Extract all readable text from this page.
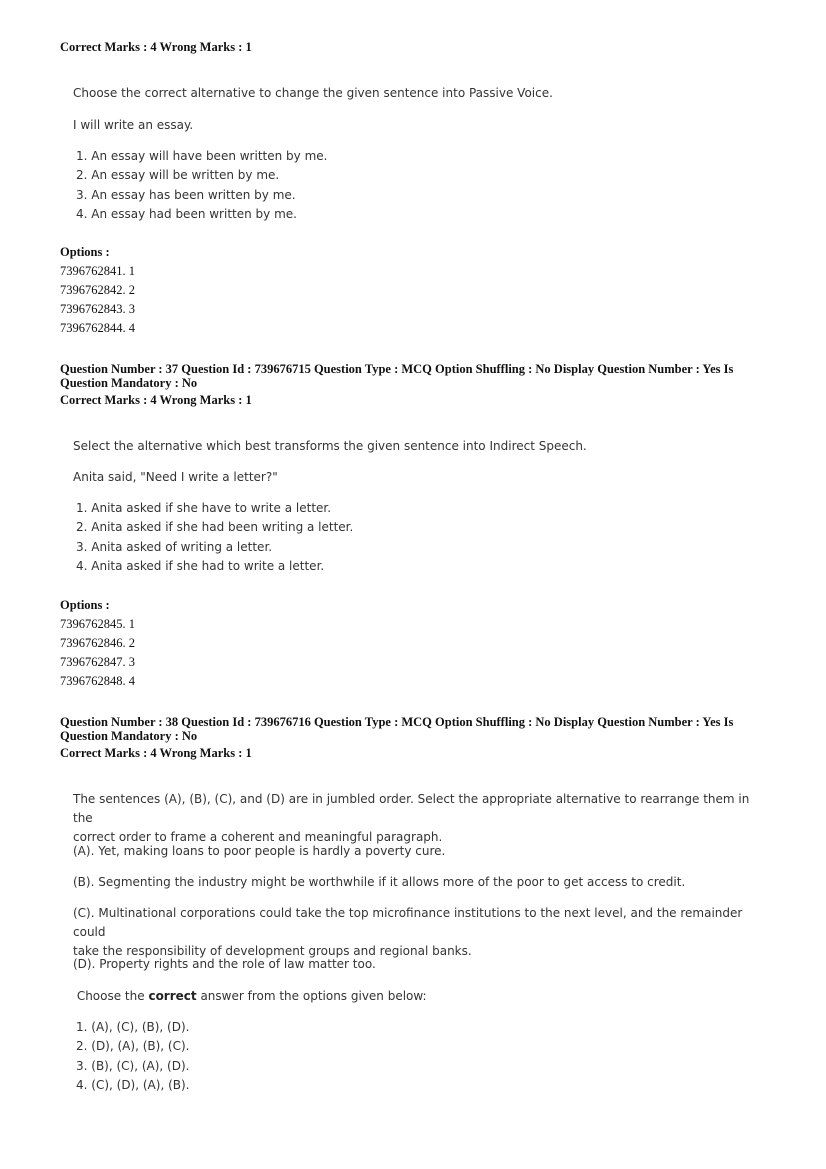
Correct Marks : 4 Wrong Marks : 1
Choose the correct alternative to change the given sentence into Passive Voice.
I will write an essay.
1. An essay will have been written by me.
2. An essay will be written by me.
3. An essay has been written by me.
4. An essay had been written by me.
Options :
7396762841. 1
7396762842. 2
7396762843. 3
7396762844. 4
Question Number : 37 Question Id : 739676715 Question Type : MCQ Option Shuffling : No Display Question Number : Yes Is
Question Mandatory : No
Correct Marks : 4 Wrong Marks : 1
Select the alternative which best transforms the given sentence into Indirect Speech.
Anita said, "Need I write a letter?"
1. Anita asked if she have to write a letter.
2. Anita asked if she had been writing a letter.
3. Anita asked of writing a letter.
4. Anita asked if she had to write a letter.
Options :
7396762845. 1
7396762846. 2
7396762847. 3
7396762848. 4
Question Number : 38 Question Id : 739676716 Question Type : MCQ Option Shuffling : No Display Question Number : Yes Is
Question Mandatory : No
Correct Marks : 4 Wrong Marks : 1
The sentences (A), (B), (C), and (D) are in jumbled order. Select the appropriate alternative to rearrange them in the
correct order to frame a coherent and meaningful paragraph.
(A). Yet, making loans to poor people is hardly a poverty cure.
(B). Segmenting the industry might be worthwhile if it allows more of the poor to get access to credit.
(C). Multinational corporations could take the top microfinance institutions to the next level, and the remainder could
take the responsibility of development groups and regional banks.
(D). Property rights and the role of law matter too.
Choose the correct answer from the options given below:
1. (A), (C), (B), (D).
2. (D), (A), (B), (C).
3. (B), (C), (A), (D).
4. (C), (D), (A), (B).
